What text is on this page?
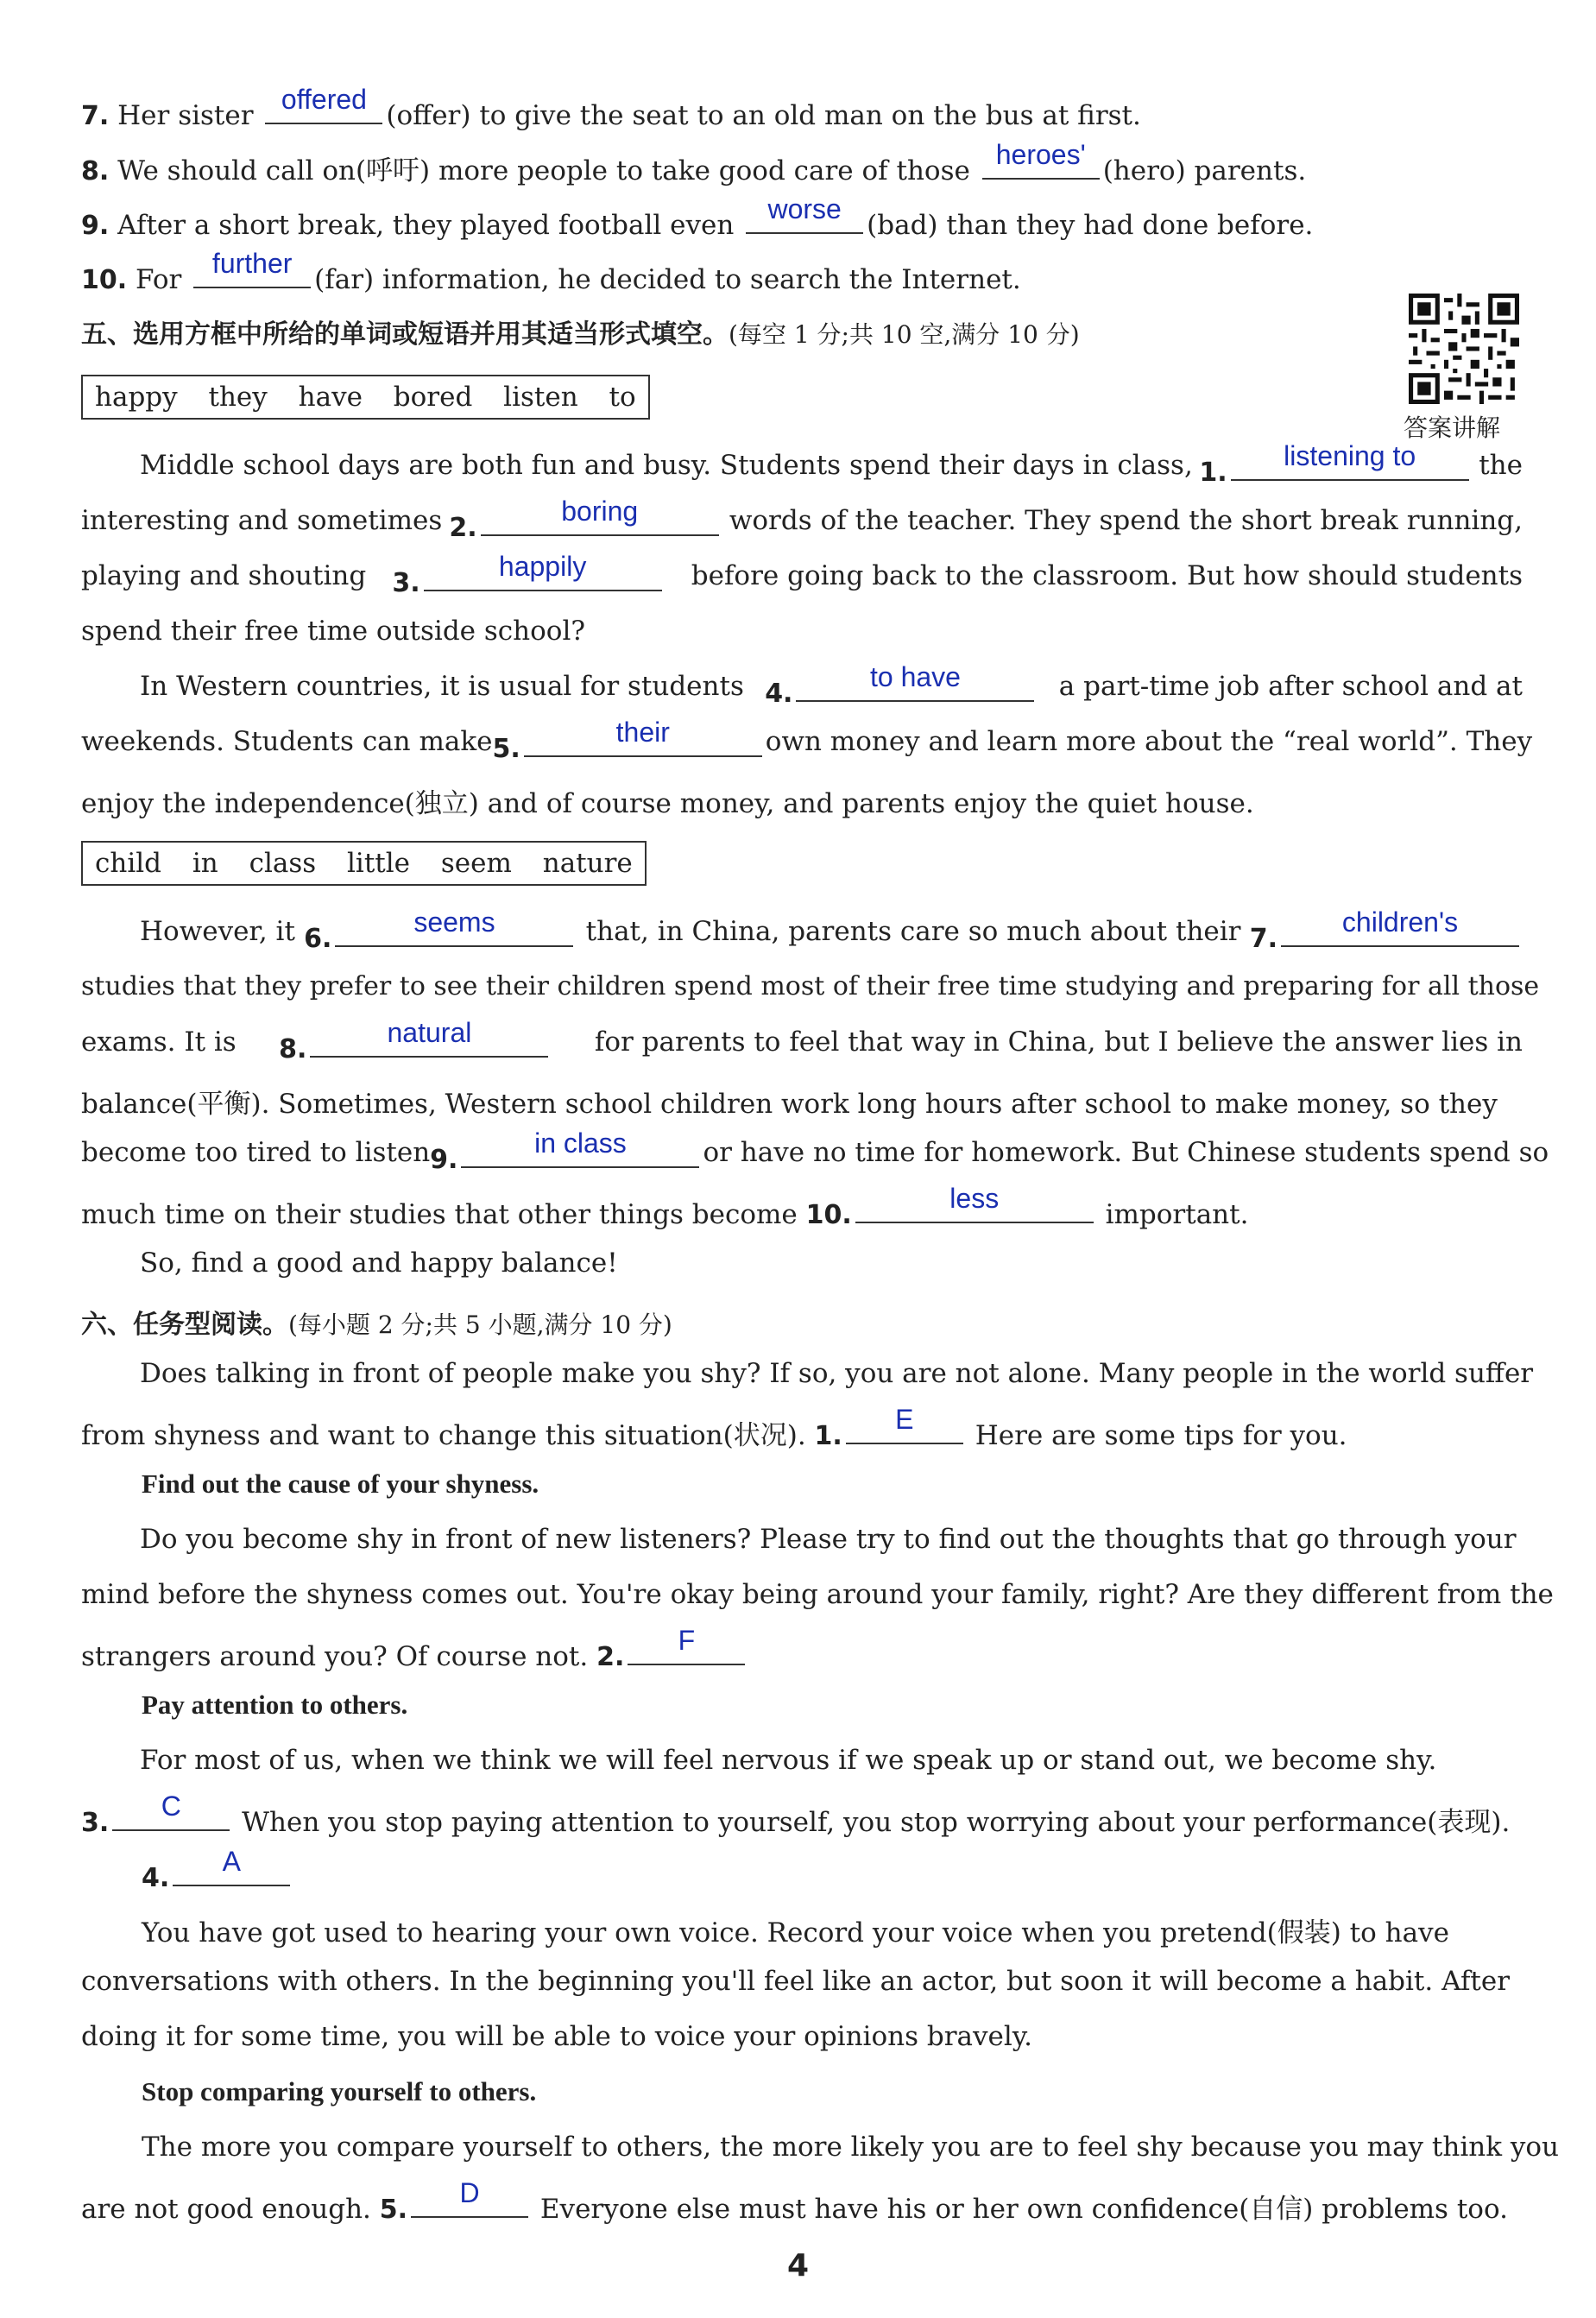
7. Her sister
offered
(offer) to give the seat to an old man on the bus at first.
8. We should call on(呼吁) more people to take good care of those
heroes'
(hero) parents.
9. After a short break, they played football even
worse
(bad) than they had done before.
10. For
further
(far) information, he decided to search the Internet.
五、选用方框中所给的单词或短语并用其适当形式填空。(每空 1 分;共 10 空,满分 10 分)
答案讲解
happy they have bored listen to
Middle school days are both fun and busy. Students spend their days in class, 1.
listening to	the
interesting and sometimes 2.
boring	words of the teacher. They spend the short break running,
playing and shouting 3.
happily	before going back to the classroom. But how should students
spend their free time outside school?
In Western countries, it is usual for students 4.
to have	a part-time job after school and at
weekends. Students can make 5.
their	own money and learn more about the “real world”. They
enjoy the independence(独立) and of course money, and parents enjoy the quiet house.
child in class little seem nature
However, it 6.
seems	that, in China, parents care so much about their 7.
children's
studies that they prefer to see their children spend most of their free time studying and preparing for all those
exams. It is 8.
natural	for parents to feel that way in China, but I believe the answer lies in
balance(平衡). Sometimes, Western school children work long hours after school to make money, so they
become too tired to listen 9.
in class	or have no time for homework. But Chinese students spend so
much time on their studies that other things become 10.
less
important.
So, find a good and happy balance!
六、任务型阅读。(每小题 2 分;共 5 小题,满分 10 分)
Does talking in front of people make you shy? If so, you are not alone. Many people in the world suffer
from shyness and want to change this situation(状况). 1.
E
Here are some tips for you.
Find out the cause of your shyness.
Do you become shy in front of new listeners? Please try to find out the thoughts that go through your
mind before the shyness comes out. You're okay being around your family, right? Are they different from the
strangers around you? Of course not. 2.
F
Pay attention to others.
For most of us, when we think we will feel nervous if we speak up or stand out, we become shy.
3.
C
When you stop paying attention to yourself, you stop worrying about your performance(表现).
4.
A
You have got used to hearing your own voice. Record your voice when you pretend(假装) to have
conversations with others. In the beginning you'll feel like an actor, but soon it will become a habit. After
doing it for some time, you will be able to voice your opinions bravely.
Stop comparing yourself to others.
The more you compare yourself to others, the more likely you are to feel shy because you may think you
are not good enough. 5.
D
Everyone else must have his or her own confidence(自信) problems too.
4
